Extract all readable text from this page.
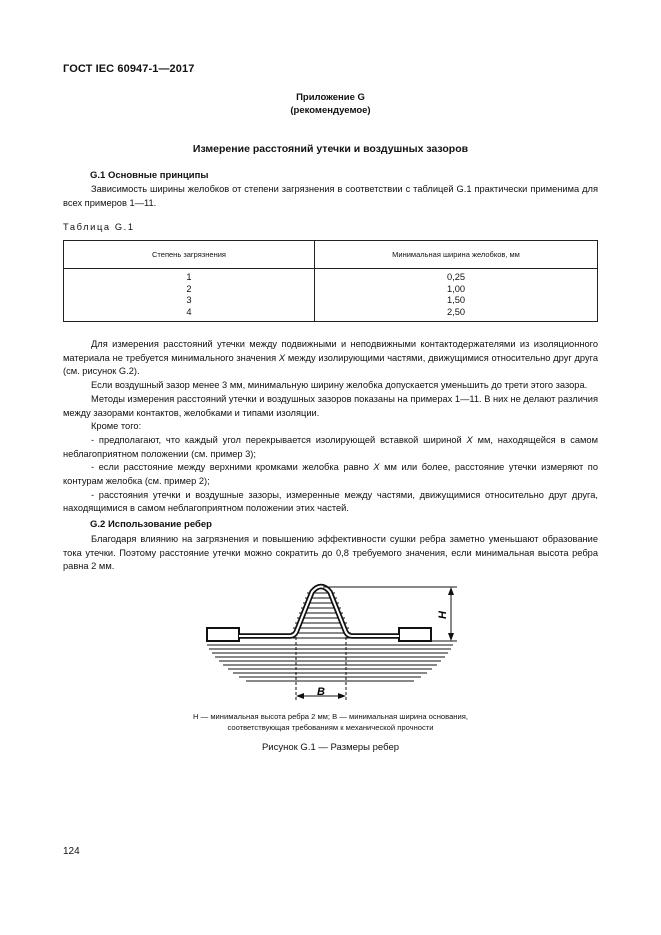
ГОСТ IEC 60947-1—2017
Приложение G
(рекомендуемое)
Измерение расстояний утечки и воздушных зазоров
G.1 Основные принципы

Зависимость ширины желобков от степени загрязнения в соответствии с таблицей G.1 практически применима для всех примеров 1—11.

Таблица G.1
Степень загрязнения	Минимальная ширина желобков, мм
1	0,25
2	1,00
3	1,50
4	2,50

Для измерения расстояний утечки между подвижными и неподвижными контактодержателями из изоляционного материала не требуется минимального значения X между изолирующими частями, движущимися относительно друг друга (см. рисунок G.2).

Если воздушный зазор менее 3 мм, минимальную ширину желобка допускается уменьшить до трети этого зазора.

Методы измерения расстояний утечки и воздушных зазоров показаны на примерах 1—11. В них не делают различия между зазорами контактов, желобками и типами изоляции.

Кроме того:

- предполагают, что каждый угол перекрывается изолирующей вставкой шириной X мм, находящейся в самом неблагоприятном положении (см. пример 3);

- если расстояние между верхними кромками желобка равно X мм или более, расстояние утечки измеряют по контурам желобка (см. пример 2);

- расстояния утечки и воздушные зазоры, измеренные между частями, движущимися относительно друг друга, находящимися в самом неблагоприятном положении этих частей.

G.2 Использование ребер

Благодаря влиянию на загрязнения и повышению эффективности сушки ребра заметно уменьшают образование тока утечки. Поэтому расстояние утечки можно сократить до 0,8 требуемого значения, если минимальная высота ребра равна 2 мм.

H
B
H — минимальная высота ребра 2 мм; B — минимальная ширина основания,
соответствующая требованиям к механической прочности
Рисунок G.1 — Размеры ребер
124
